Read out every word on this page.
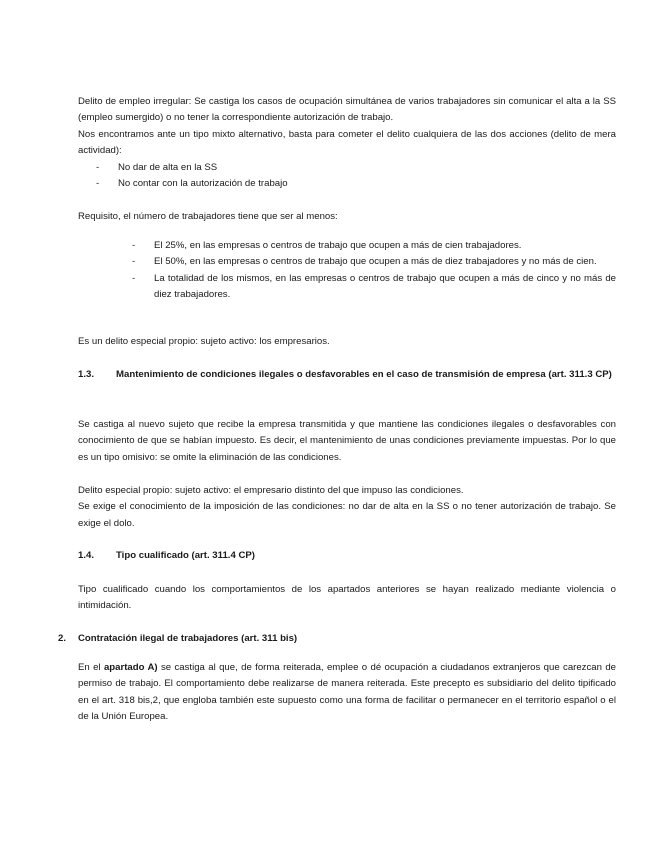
Delito de empleo irregular: Se castiga los casos de ocupación simultánea de varios trabajadores sin comunicar el alta a la SS (empleo sumergido) o no tener la correspondiente autorización de trabajo.

Nos encontramos ante un tipo mixto alternativo, basta para cometer el delito cualquiera de las dos acciones (delito de mera actividad):

- No dar de alta en la SS
- No contar con la autorización de trabajo

Requisito, el número de trabajadores tiene que ser al menos:

- El 25%, en las empresas o centros de trabajo que ocupen a más de cien trabajadores.
- El 50%, en las empresas o centros de trabajo que ocupen a más de diez trabajadores y no más de cien.
- La totalidad de los mismos, en las empresas o centros de trabajo que ocupen a más de cinco y no más de diez trabajadores.

Es un delito especial propio: sujeto activo: los empresarios.

1.3.	Mantenimiento de condiciones ilegales o desfavorables en el caso de transmisión de empresa (art. 311.3 CP)

Se castiga al nuevo sujeto que recibe la empresa transmitida y que mantiene las condiciones ilegales o desfavorables con conocimiento de que se habían impuesto. Es decir, el mantenimiento de unas condiciones previamente impuestas. Por lo que es un tipo omisivo: se omite la eliminación de las condiciones.

Delito especial propio: sujeto activo: el empresario distinto del que impuso las condiciones.

Se exige el conocimiento de la imposición de las condiciones: no dar de alta en la SS o no tener autorización de trabajo. Se exige el dolo.

1.4.	Tipo cualificado (art. 311.4 CP)

Tipo cualificado cuando los comportamientos de los apartados anteriores se hayan realizado mediante violencia o intimidación.

2.	Contratación ilegal de trabajadores (art. 311 bis)

En el apartado A) se castiga al que, de forma reiterada, emplee o dé ocupación a ciudadanos extranjeros que carezcan de permiso de trabajo. El comportamiento debe realizarse de manera reiterada. Este precepto es subsidiario del delito tipificado en el art. 318 bis,2, que engloba también este supuesto como una forma de facilitar o permanecer en el territorio español o el de la Unión Europea.
